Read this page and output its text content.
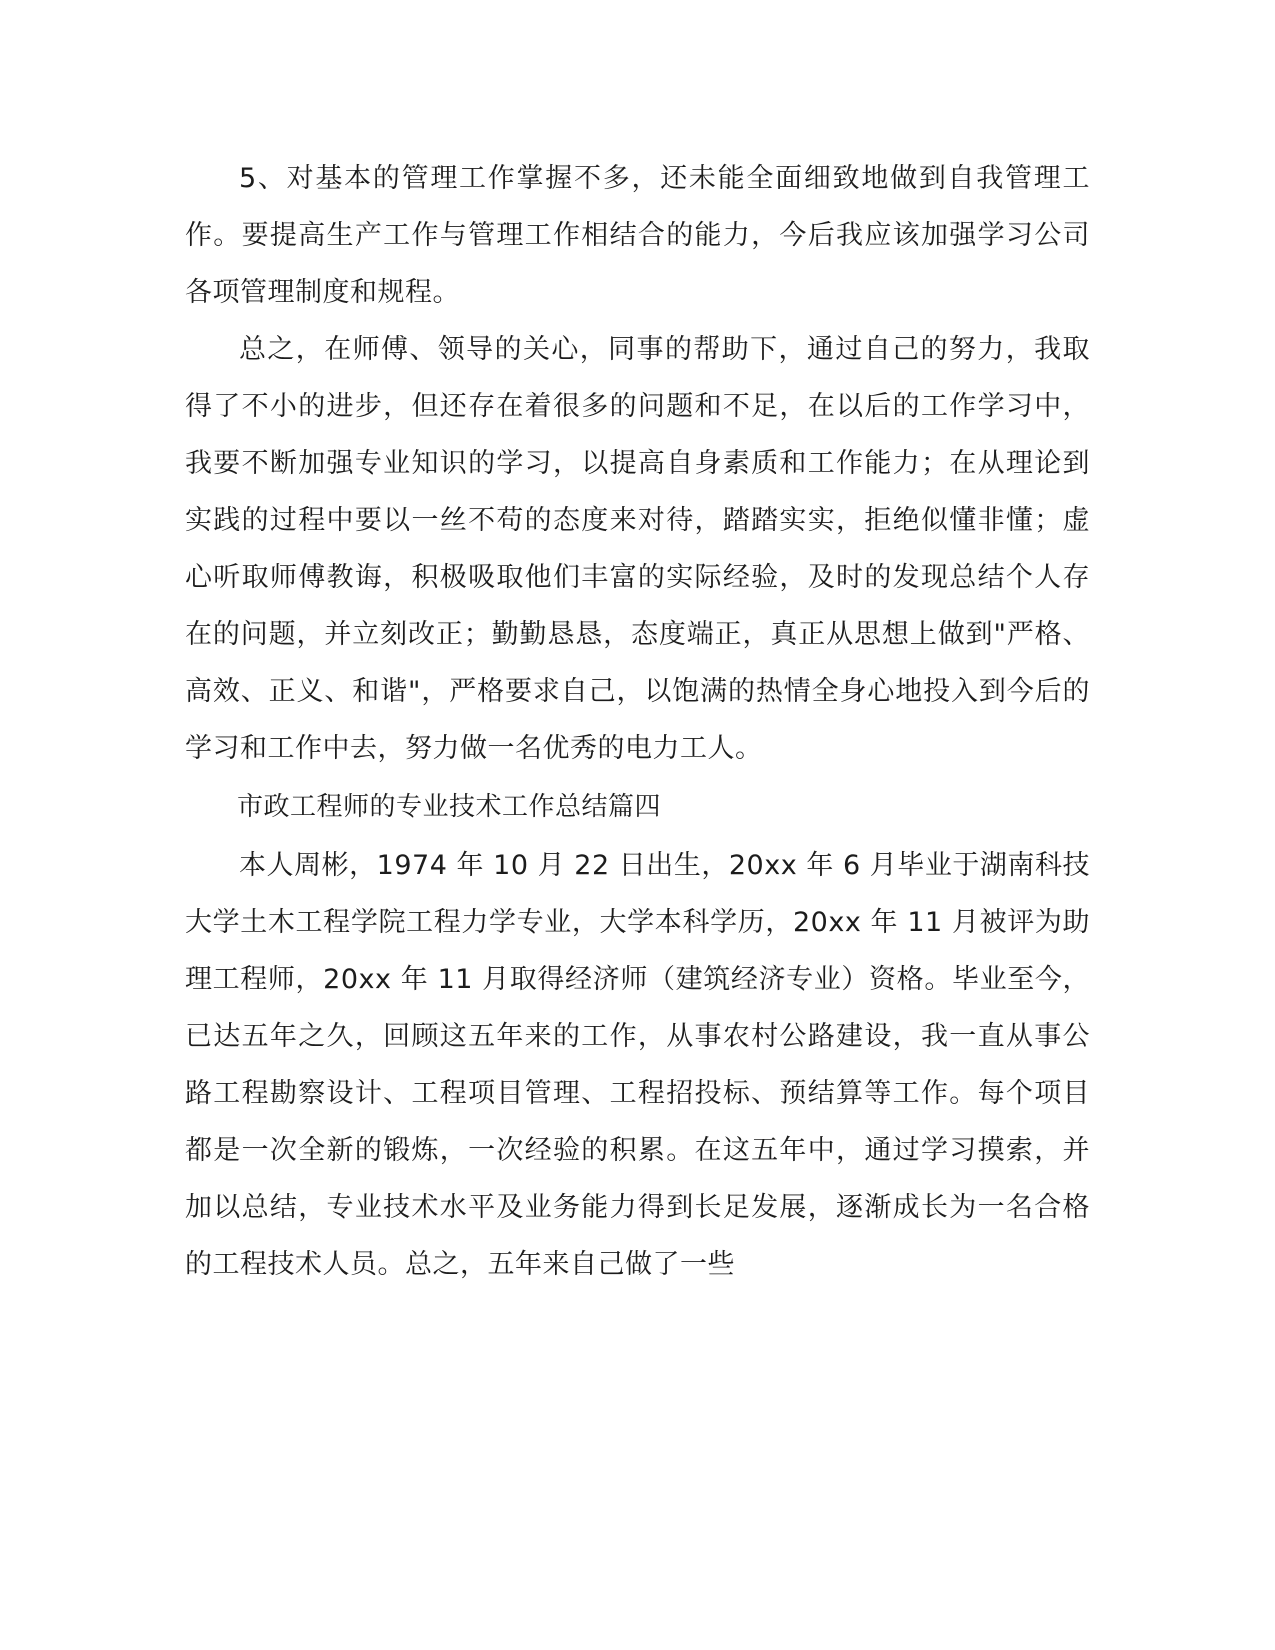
5、对基本的管理工作掌握不多，还未能全面细致地做到自我管理工作。要提高生产工作与管理工作相结合的能力，今后我应该加强学习公司各项管理制度和规程。

总之，在师傅、领导的关心，同事的帮助下，通过自己的努力，我取得了不小的进步，但还存在着很多的问题和不足，在以后的工作学习中，我要不断加强专业知识的学习，以提高自身素质和工作能力；在从理论到实践的过程中要以一丝不苟的态度来对待，踏踏实实，拒绝似懂非懂；虚心听取师傅教诲，积极吸取他们丰富的实际经验，及时的发现总结个人存在的问题，并立刻改正；勤勤恳恳，态度端正，真正从思想上做到"严格、高效、正义、和谐"，严格要求自己，以饱满的热情全身心地投入到今后的学习和工作中去，努力做一名优秀的电力工人。

市政工程师的专业技术工作总结篇四

本人周彬，1974 年 10 月 22 日出生，20xx 年 6 月毕业于湖南科技大学土木工程学院工程力学专业，大学本科学历，20xx 年 11 月被评为助理工程师，20xx 年 11 月取得经济师（建筑经济专业）资格。毕业至今，已达五年之久，回顾这五年来的工作，从事农村公路建设，我一直从事公路工程勘察设计、工程项目管理、工程招投标、预结算等工作。每个项目都是一次全新的锻炼，一次经验的积累。在这五年中，通过学习摸索，并加以总结，专业技术水平及业务能力得到长足发展，逐渐成长为一名合格的工程技术人员。总之，五年来自己做了一些
